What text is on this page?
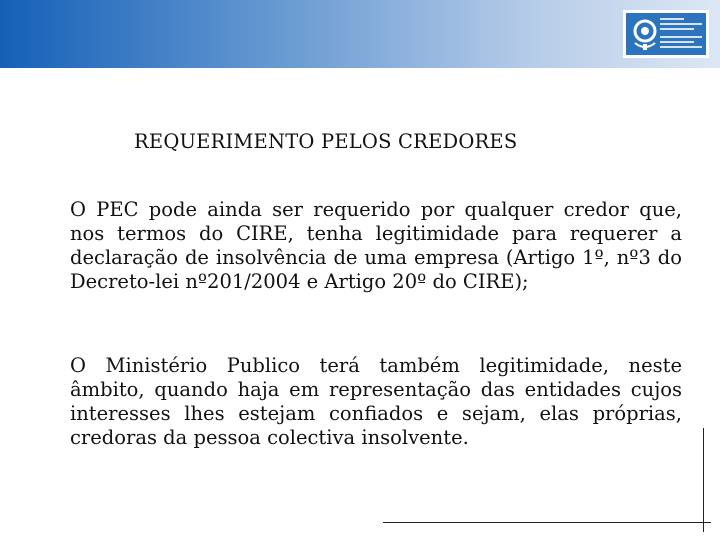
REQUERIMENTO PELOS CREDORES

O PEC pode ainda ser requerido por qualquer credor que, nos termos do CIRE, tenha legitimidade para requerer a declaração de insolvência de uma empresa (Artigo 1º, nº3 do Decreto-lei nº201/2004 e Artigo 20º do CIRE);

O Ministério Publico terá também legitimidade, neste âmbito, quando haja em representação das entidades cujos interesses lhes estejam confiados e sejam, elas próprias, credoras da pessoa colectiva insolvente.
